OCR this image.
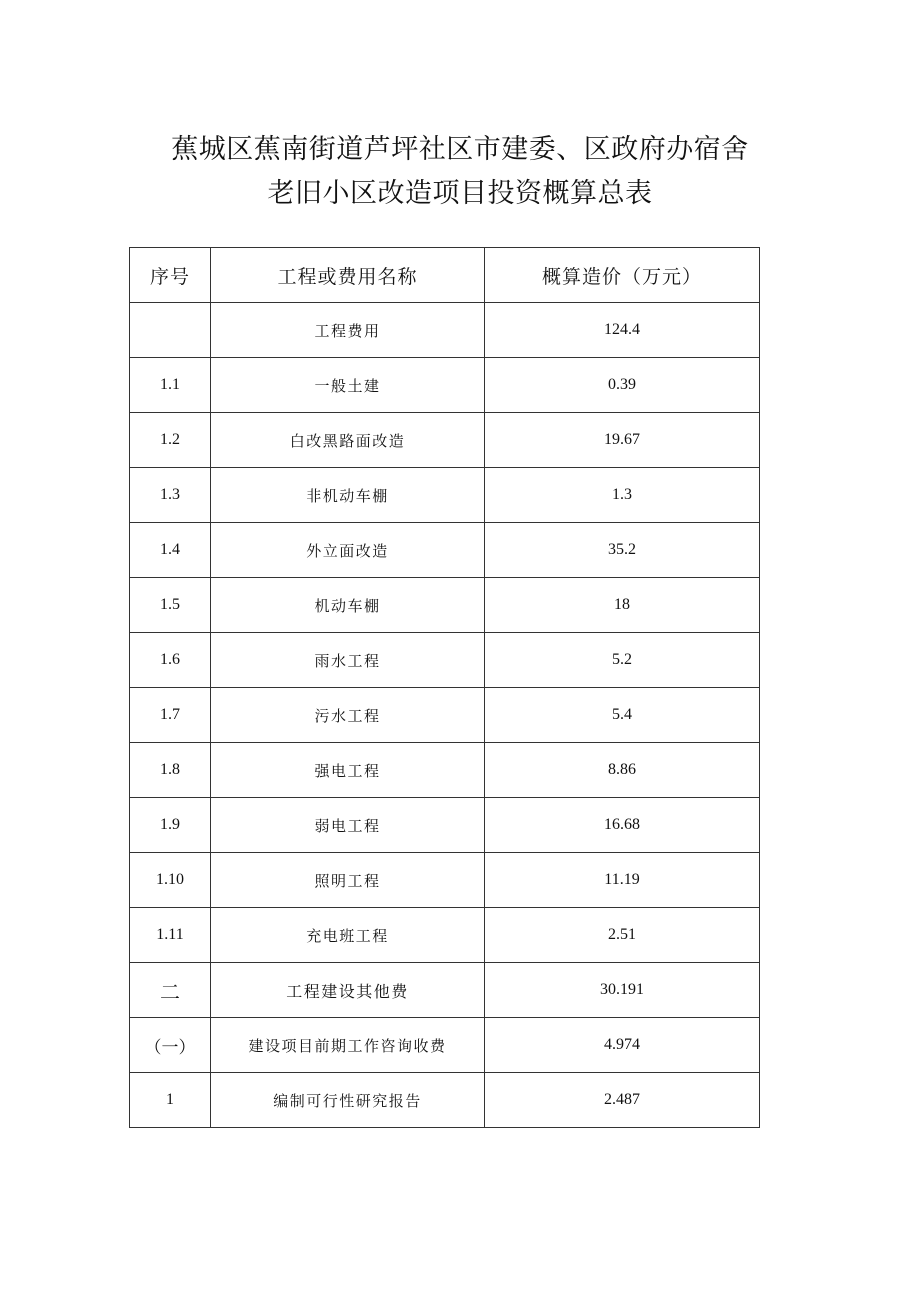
蕉城区蕉南街道芦坪社区市建委、区政府办宿舍
老旧小区改造项目投资概算总表
序号	工程或费用名称	概算造价（万元）
	工程费用	124.4
1.1	一般土建	0.39
1.2	白改黑路面改造	19.67
1.3	非机动车棚	1.3
1.4	外立面改造	35.2
1.5	机动车棚	18
1.6	雨水工程	5.2
1.7	污水工程	5.4
1.8	强电工程	8.86
1.9	弱电工程	16.68
1.10	照明工程	11.19
1.11	充电班工程	2.51
二	工程建设其他费	30.191
（一）	建设项目前期工作咨询收费	4.974
1	编制可行性研究报告	2.487
